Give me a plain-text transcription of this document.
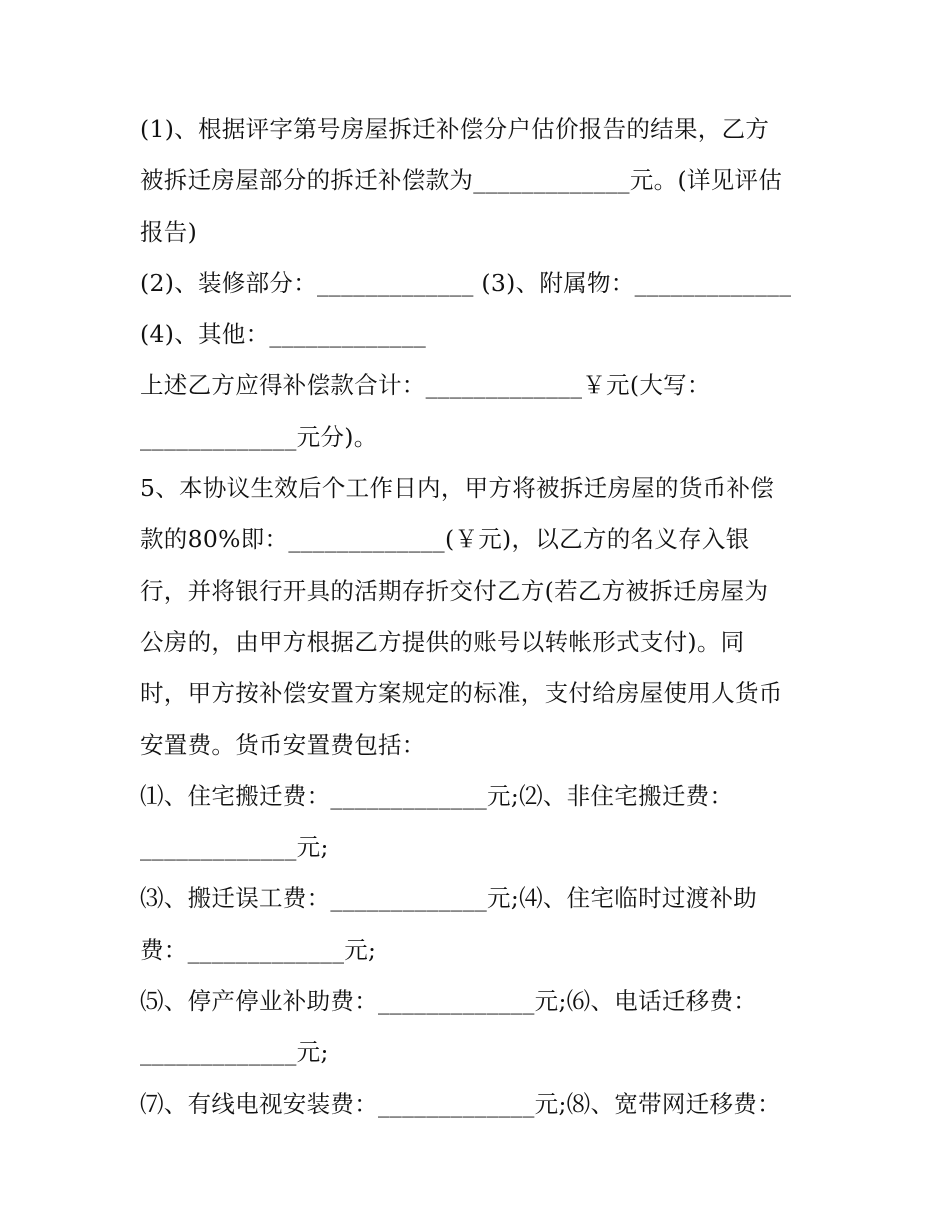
(1)、根据评字第号房屋拆迁补偿分户估价报告的结果，乙方
被拆迁房屋部分的拆迁补偿款为_____________元。(详见评估
报告)
(2)、装修部分：_____________ (3)、附属物：_____________
(4)、其他：_____________
上述乙方应得补偿款合计：_____________￥元(大写：
_____________元分)。
5、本协议生效后个工作日内，甲方将被拆迁房屋的货币补偿
款的80%即：_____________(￥元)，以乙方的名义存入银
行，并将银行开具的活期存折交付乙方(若乙方被拆迁房屋为
公房的，由甲方根据乙方提供的账号以转帐形式支付)。同
时，甲方按补偿安置方案规定的标准，支付给房屋使用人货币
安置费。货币安置费包括：
⑴、住宅搬迁费：_____________元;⑵、非住宅搬迁费：
_____________元;
⑶、搬迁误工费：_____________元;⑷、住宅临时过渡补助
费：_____________元;
⑸、停产停业补助费：_____________元;⑹、电话迁移费：
_____________元;
⑺、有线电视安装费：_____________元;⑻、宽带网迁移费：
